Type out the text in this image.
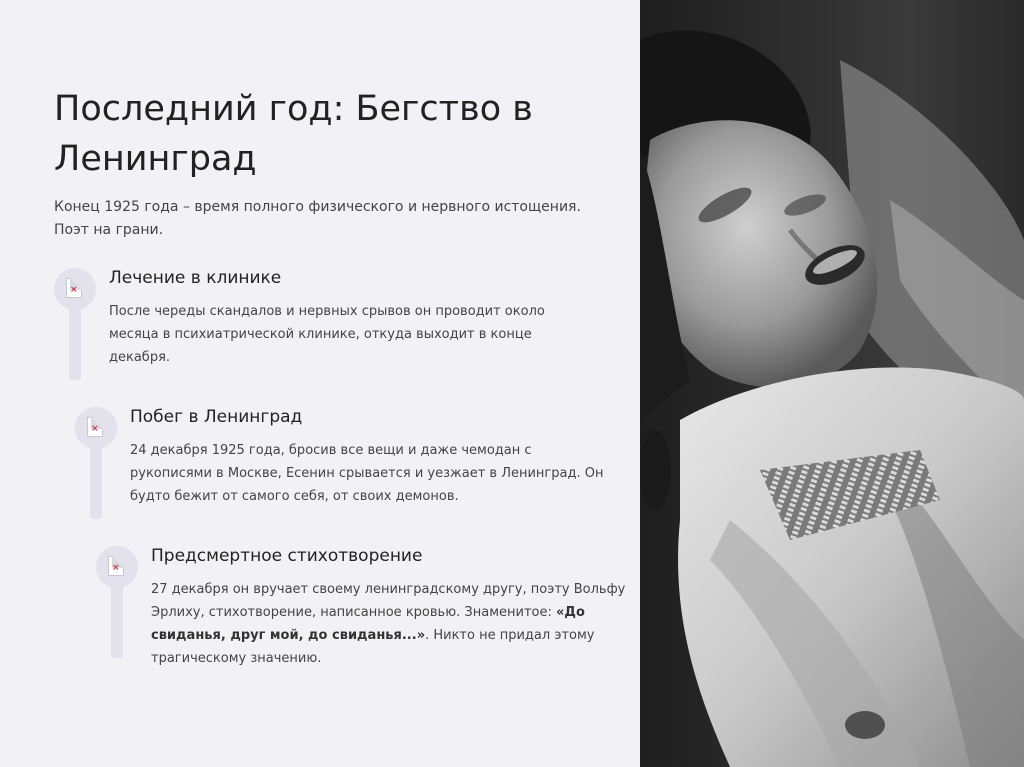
Последний год: Бегство в Ленинград

Конец 1925 года – время полного физического и нервного истощения. Поэт на грани.

×
Лечение в клинике

После череды скандалов и нервных срывов он проводит около месяца в психиатрической клинике, откуда выходит в конце декабря.

×
Побег в Ленинград

24 декабря 1925 года, бросив все вещи и даже чемодан с рукописями в Москве, Есенин срывается и уезжает в Ленинград. Он будто бежит от самого себя, от своих демонов.

×
Предсмертное стихотворение

27 декабря он вручает своему ленинградскому другу, поэту Вольфу Эрлиху, стихотворение, написанное кровью. Знаменитое: «До свиданья, друг мой, до свиданья...». Никто не придал этому трагическому значению.
